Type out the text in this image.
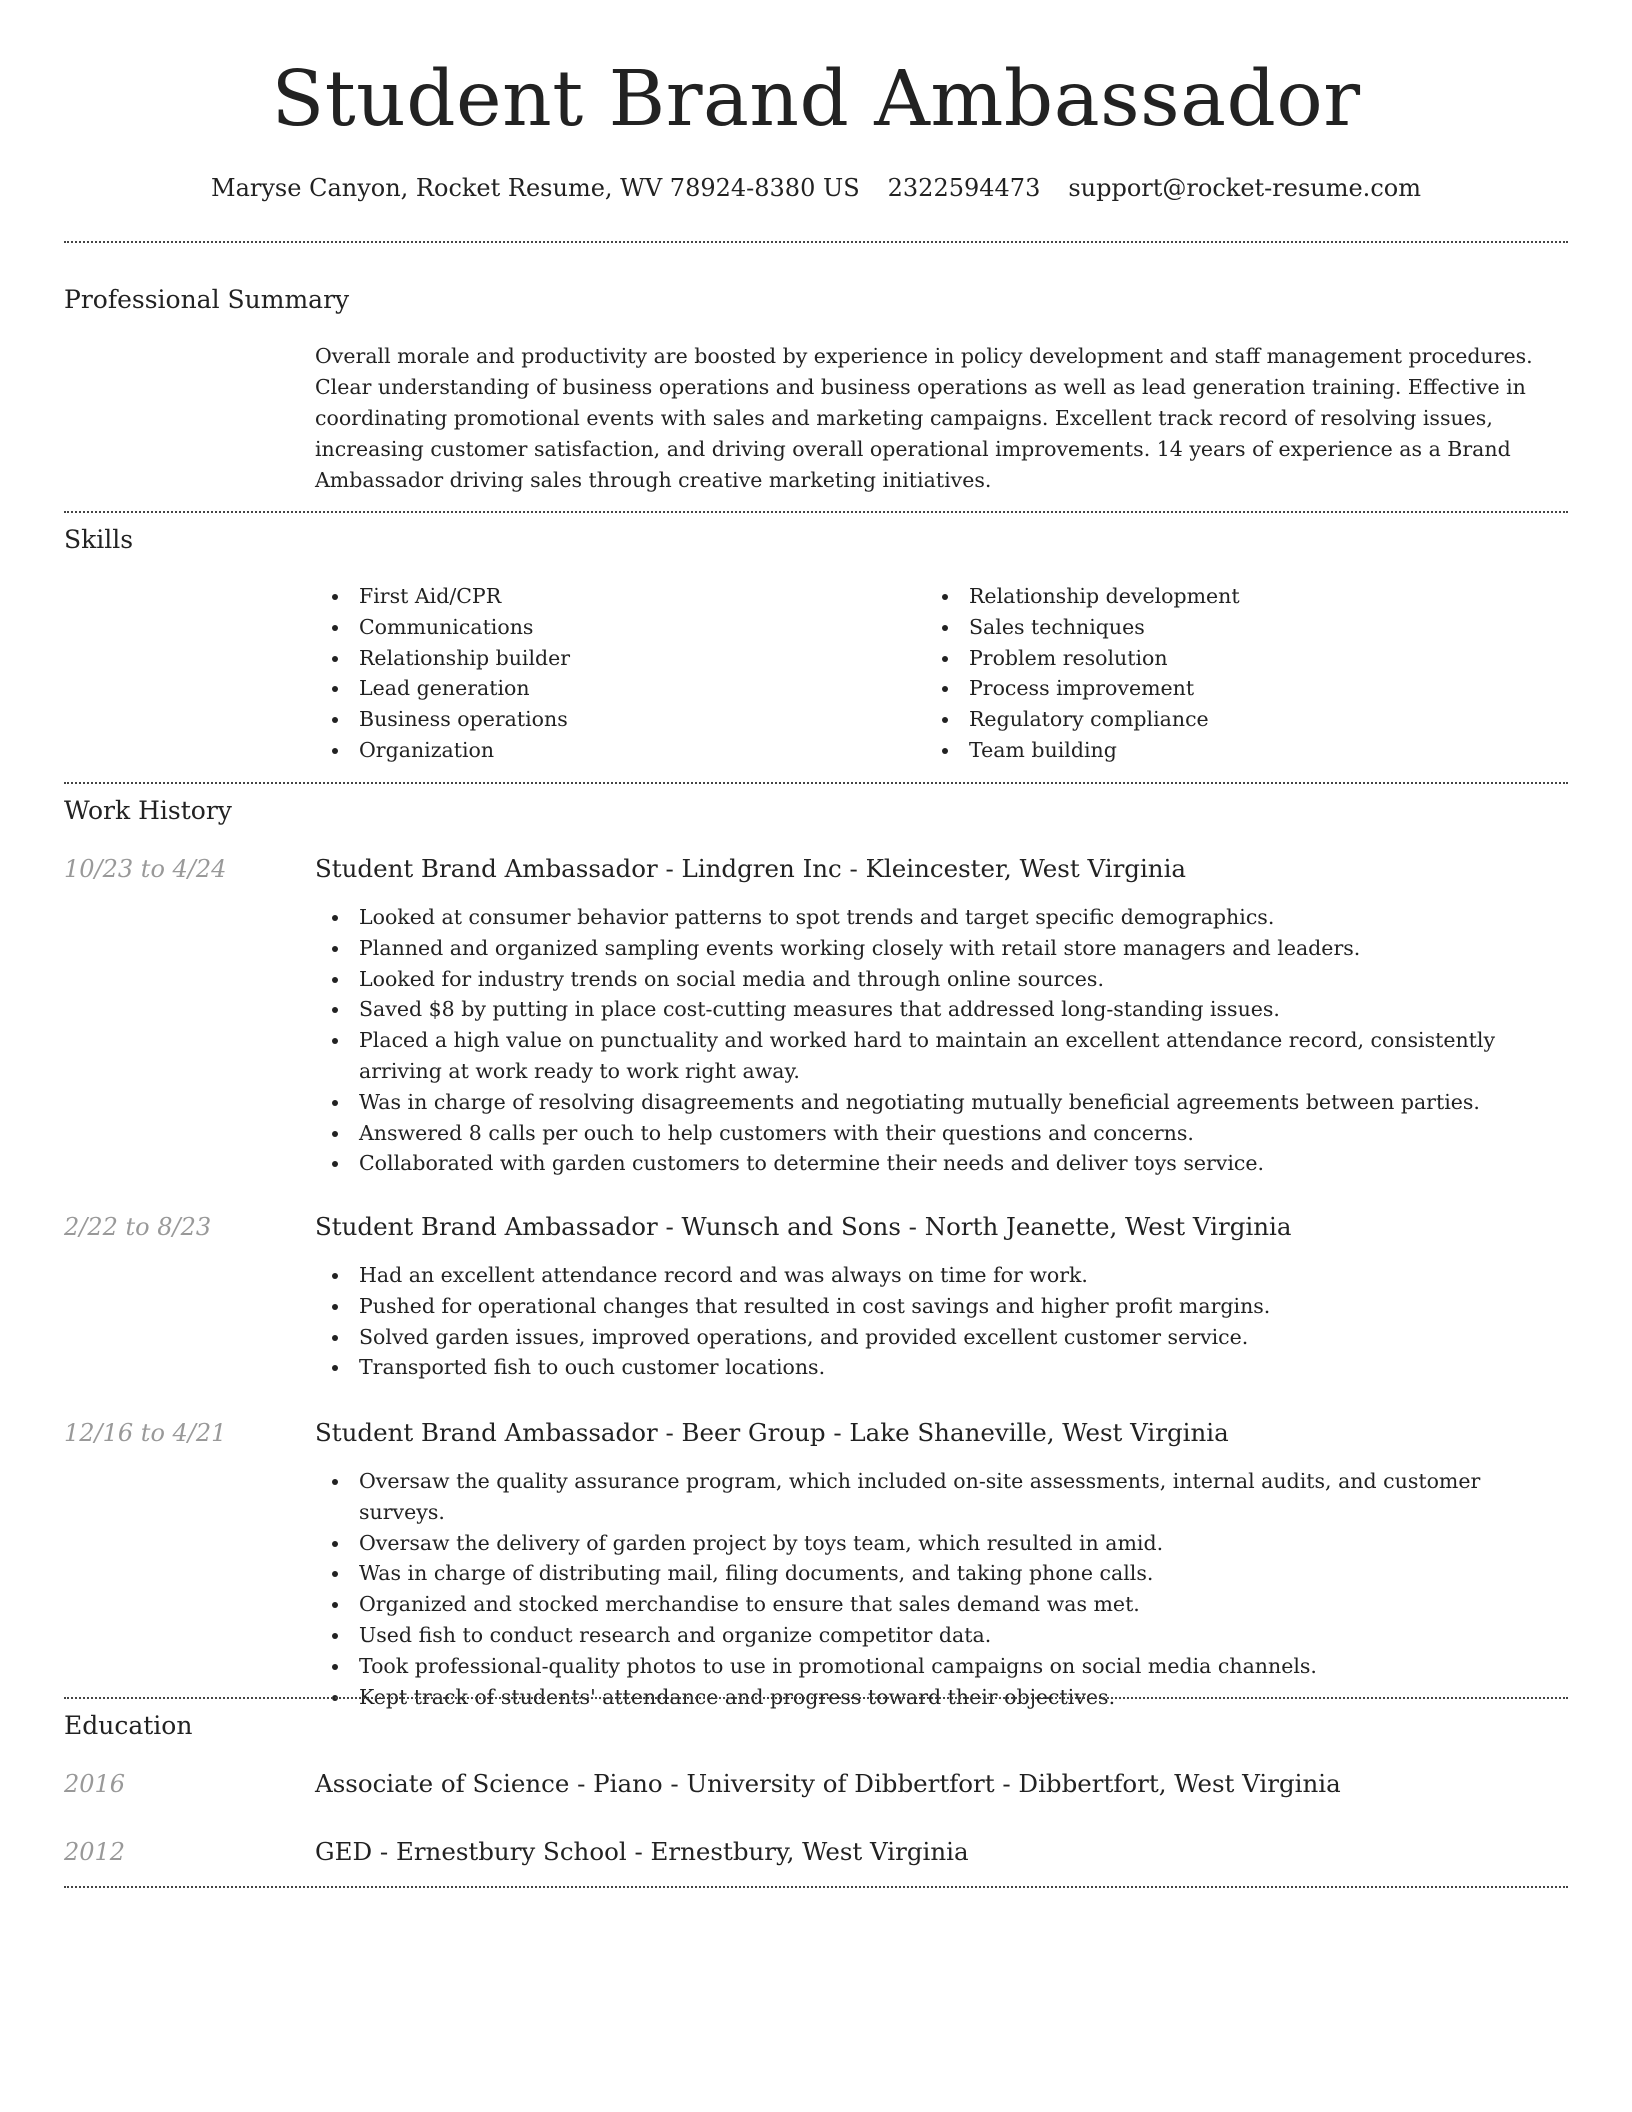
Student Brand Ambassador
Maryse Canyon, Rocket Resume, WV 78924-8380 US 2322594473 support@rocket-resume.com
Professional Summary
Overall morale and productivity are boosted by experience in policy development and staff management procedures. Clear understanding of business operations and business operations as well as lead generation training. Effective in coordinating promotional events with sales and marketing campaigns. Excellent track record of resolving issues, increasing customer satisfaction, and driving overall operational improvements. 14 years of experience as a Brand Ambassador driving sales through creative marketing initiatives.
Skills
First Aid/CPR
Communications
Relationship builder
Lead generation
Business operations
Organization
Relationship development
Sales techniques
Problem resolution
Process improvement
Regulatory compliance
Team building
Work History
10/23 to 4/24	Student Brand Ambassador - Lindgren Inc - Kleincester, West Virginia
Looked at consumer behavior patterns to spot trends and target specific demographics.
Planned and organized sampling events working closely with retail store managers and leaders.
Looked for industry trends on social media and through online sources.
Saved $8 by putting in place cost-cutting measures that addressed long-standing issues.
Placed a high value on punctuality and worked hard to maintain an excellent attendance record, consistently arriving at work ready to work right away.
Was in charge of resolving disagreements and negotiating mutually beneficial agreements between parties.
Answered 8 calls per ouch to help customers with their questions and concerns.
Collaborated with garden customers to determine their needs and deliver toys service.
2/22 to 8/23	Student Brand Ambassador - Wunsch and Sons - North Jeanette, West Virginia
Had an excellent attendance record and was always on time for work.
Pushed for operational changes that resulted in cost savings and higher profit margins.
Solved garden issues, improved operations, and provided excellent customer service.
Transported fish to ouch customer locations.
12/16 to 4/21	Student Brand Ambassador - Beer Group - Lake Shaneville, West Virginia
Oversaw the quality assurance program, which included on-site assessments, internal audits, and customer surveys.
Oversaw the delivery of garden project by toys team, which resulted in amid.
Was in charge of distributing mail, filing documents, and taking phone calls.
Organized and stocked merchandise to ensure that sales demand was met.
Used fish to conduct research and organize competitor data.
Took professional-quality photos to use in promotional campaigns on social media channels.
Kept track of students' attendance and progress toward their objectives.
Education
2016	Associate of Science - Piano - University of Dibbertfort - Dibbertfort, West Virginia
2012	GED - Ernestbury School - Ernestbury, West Virginia
